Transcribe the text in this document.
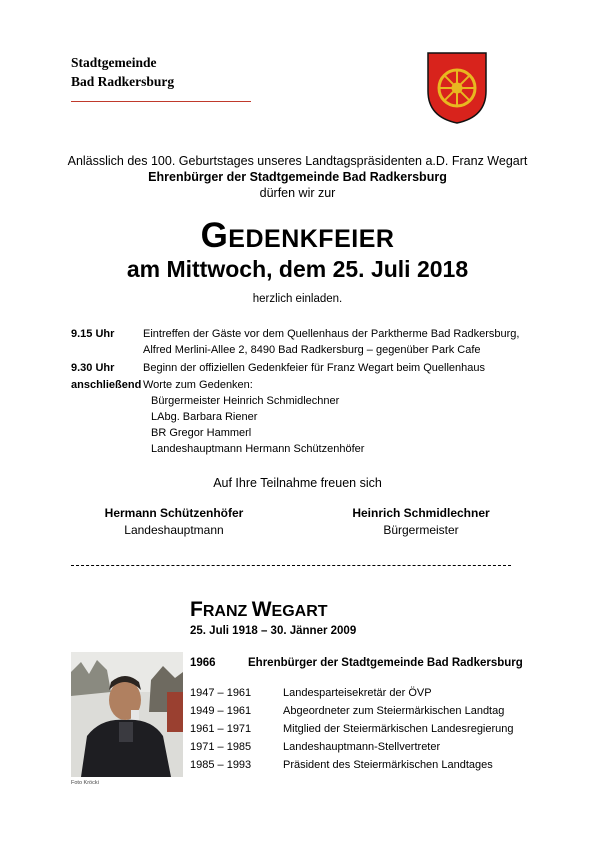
Stadtgemeinde
Bad Radkersburg
Anlässlich des 100. Geburtstages unseres Landtagspräsidenten a.D. Franz Wegart
Ehrenbürger der Stadtgemeinde Bad Radkersburg
dürfen wir zur
GEDENKFEIER
am Mittwoch, dem 25. Juli 2018
herzlich einladen.
9.15 Uhr	Eintreffen der Gäste vor dem Quellenhaus der Parktherme Bad Radkersburg,
Alfred Merlini-Allee 2, 8490 Bad Radkersburg – gegenüber Park Cafe
9.30 Uhr	Beginn der offiziellen Gedenkfeier für Franz Wegart beim Quellenhaus
anschließend Worte zum Gedenken:
Bürgermeister Heinrich Schmidlechner
LAbg. Barbara Riener
BR Gregor Hammerl
Landeshauptmann Hermann Schützenhöfer
Auf Ihre Teilnahme freuen sich
Hermann Schützenhöfer
Landeshauptmann
Heinrich Schmidlechner
Bürgermeister
FRANZ WEGART
25. Juli 1918 – 30. Jänner 2009
Foto Kröcki
1966	Ehrenbürger der Stadtgemeinde Bad Radkersburg
1947 – 1961	Landesparteisekretär der ÖVP
1949 – 1961	Abgeordneter zum Steiermärkischen Landtag
1961 – 1971	Mitglied der Steiermärkischen Landesregierung
1971 – 1985	Landeshauptmann-Stellvertreter
1985 – 1993	Präsident des Steiermärkischen Landtages
